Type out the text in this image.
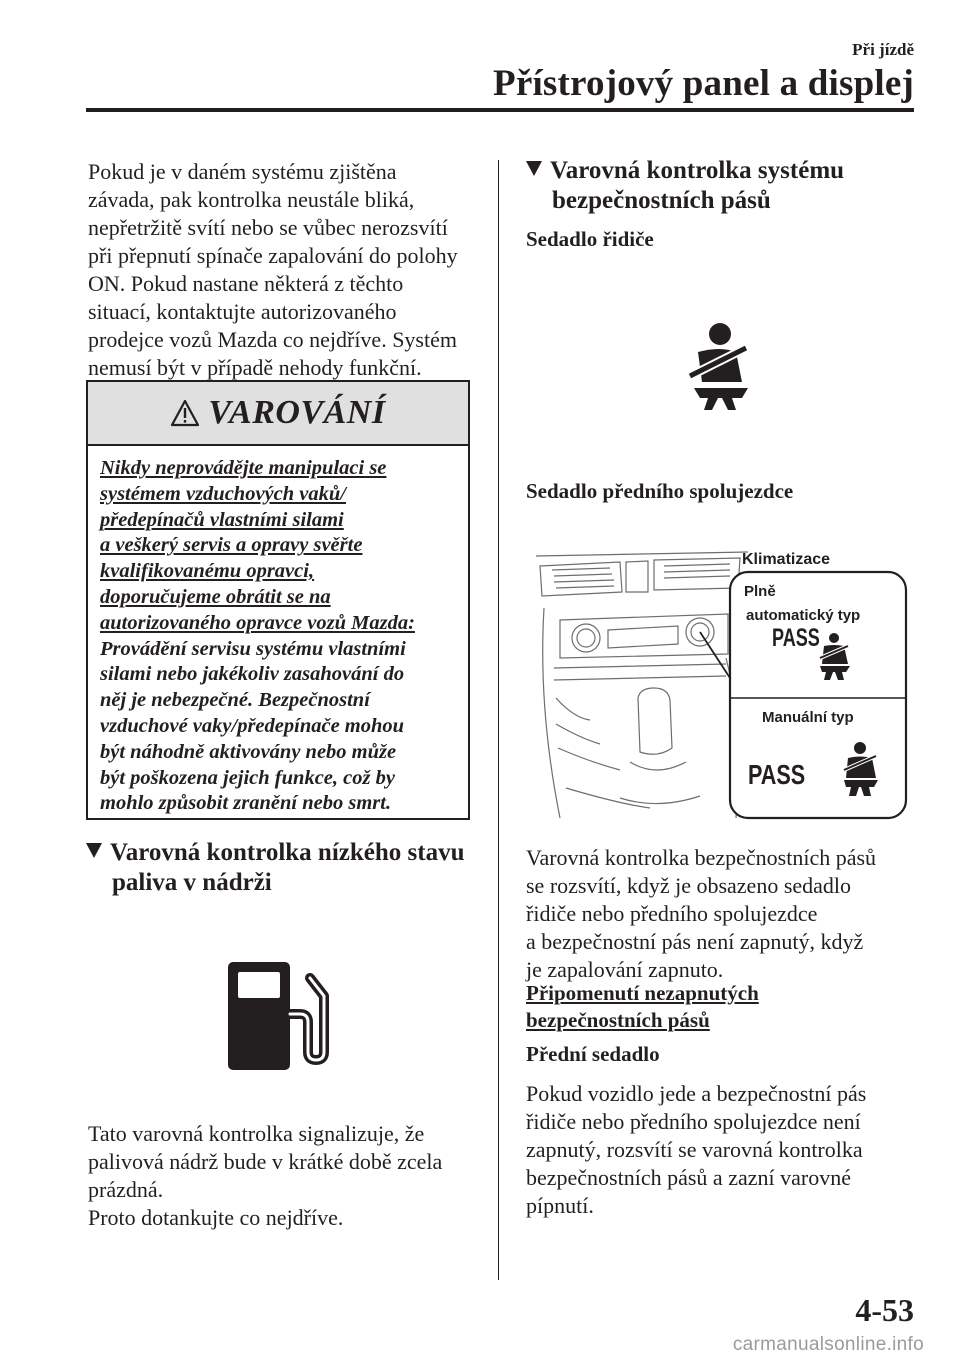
Při jízdě
Přístrojový panel a displej
Pokud je v daném systému zjištěna
závada, pak kontrolka neustále bliká,
nepřetržitě svítí nebo se vůbec nerozsvítí
při přepnutí spínače zapalování do polohy
ON. Pokud nastane některá z těchto
situací, kontaktujte autorizovaného
prodejce vozů Mazda co nejdříve. Systém
nemusí být v případě nehody funkční.
VAROVÁNÍ
Nikdy neprovádějte manipulaci se
systémem vzduchových vaků/
předepínačů vlastními silami
a veškerý servis a opravy svěřte
kvalifikovanému opravci,
doporučujeme obrátit se na
autorizovaného opravce vozů Mazda:
Provádění servisu systému vlastními
silami nebo jakékoliv zasahování do
něj je nebezpečné. Bezpečnostní
vzduchové vaky/předepínače mohou
být náhodně aktivovány nebo může
být poškozena jejich funkce, což by
mohlo způsobit zranění nebo smrt.
Varovná kontrolka nízkého stavu
paliva v nádrži
Tato varovná kontrolka signalizuje, že
palivová nádrž bude v krátké době zcela
prázdná.
Proto dotankujte co nejdříve.
Varovná kontrolka systému
bezpečnostních pásů
Sedadlo řidiče
Sedadlo předního spolujezdce
Klimatizace
Plně
automatický typ
PASS
Manuální typ
PASS
Varovná kontrolka bezpečnostních pásů
se rozsvítí, když je obsazeno sedadlo
řidiče nebo předního spolujezdce
a bezpečnostní pás není zapnutý, když
je zapalování zapnuto.
Připomenutí nezapnutých
bezpečnostních pásů
Přední sedadlo
Pokud vozidlo jede a bezpečnostní pás
řidiče nebo předního spolujezdce není
zapnutý, rozsvítí se varovná kontrolka
bezpečnostních pásů a zazní varovné
pípnutí.
4-53
carmanualsonline.info
